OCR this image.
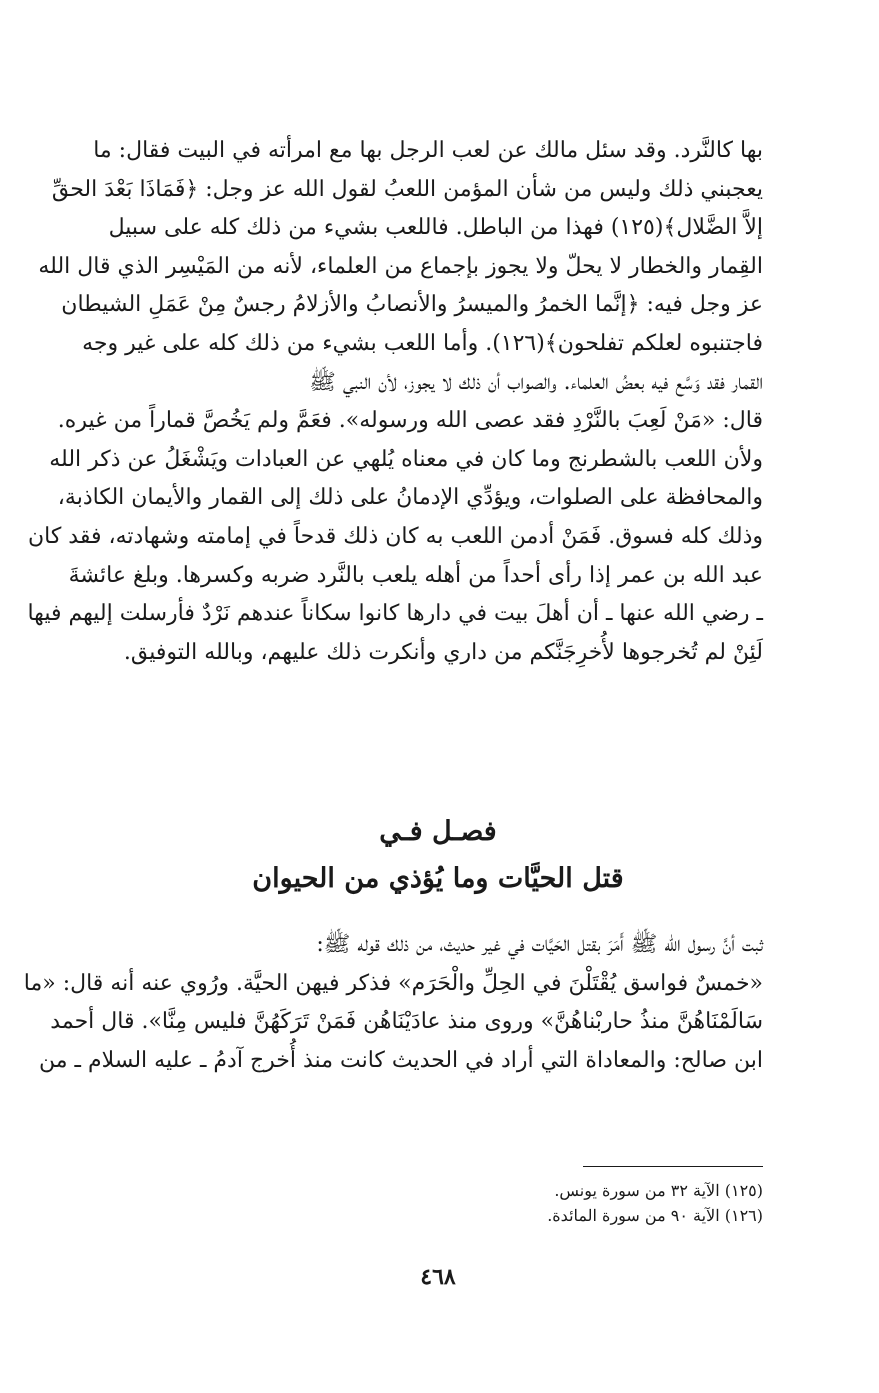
بها كالنَّرد. وقد سئل مالك عن لعب الرجل بها مع امرأته في البيت فقال: ما
يعجبني ذلك وليس من شأن المؤمن اللعبُ لقول الله عز وجل: ﴿فَمَاذَا بَعْدَ الحقِّ
إلاَّ الضَّلال﴾(١٢٥) فهذا من الباطل. فاللعب بشيء من ذلك كله على سبيل
القِمار والخطار لا يحلّ ولا يجوز بإجماع من العلماء، لأنه من المَيْسِر الذي قال الله
عز وجل فيه: ﴿إنَّما الخمرُ والميسرُ والأنصابُ والأزلامُ رجسٌ مِنْ عَمَلِ الشيطان
فاجتنبوه لعلكم تفلحون﴾(١٢٦). وأما اللعب بشيء من ذلك كله على غير وجه
القمار فقد وَسَّع فيه بعضُ العلماء. والصواب أن ذلك لا يجوز، لأن النبي ﷺ
قال: «مَنْ لَعِبَ بالنَّرْدِ فقد عصى الله ورسوله». فعَمَّ ولم يَخُصَّ قماراً من غيره.
ولأن اللعب بالشطرنج وما كان في معناه يُلهي عن العبادات ويَشْغَلُ عن ذكر الله
والمحافظة على الصلوات، ويؤدِّي الإدمانُ على ذلك إلى القمار والأيمان الكاذبة،
وذلك كله فسوق. فَمَنْ أدمن اللعب به كان ذلك قدحاً في إمامته وشهادته، فقد كان
عبد الله بن عمر إذا رأى أحداً من أهله يلعب بالنَّرد ضربه وكسرها. وبلغ عائشةَ
ـ رضي الله عنها ـ أن أهلَ بيت في دارها كانوا سكاناً عندهم نَرْدٌ فأرسلت إليهم فيها
لَئِنْ لم تُخرجوها لأُخرِجَنَّكم من داري وأنكرت ذلك عليهم، وبالله التوفيق.
فصـل فـي
قتل الحيَّات وما يُؤذي من الحيوان
ثبت أنَّ رسول الله ﷺ أَمَرَ بقتل الحَيَّات في غير حديث، من ذلك قوله ﷺ:
«خمسٌ فواسق يُقْتَلْنَ في الحِلِّ والْحَرَم» فذكر فيهن الحيَّة. ورُوي عنه أنه قال: «ما
سَالَمْنَاهُنَّ منذُ حاربْناهُنَّ» وروى منذ عادَيْنَاهُن فَمَنْ تَرَكَهُنَّ فليس مِنَّا». قال أحمد
ابن صالح: والمعاداة التي أراد في الحديث كانت منذ أُخرج آدمُ ـ عليه السلام ـ من
(١٢٥) الآية ٣٢ من سورة يونس.
(١٢٦) الآية ٩٠ من سورة المائدة.
٤٦٨
